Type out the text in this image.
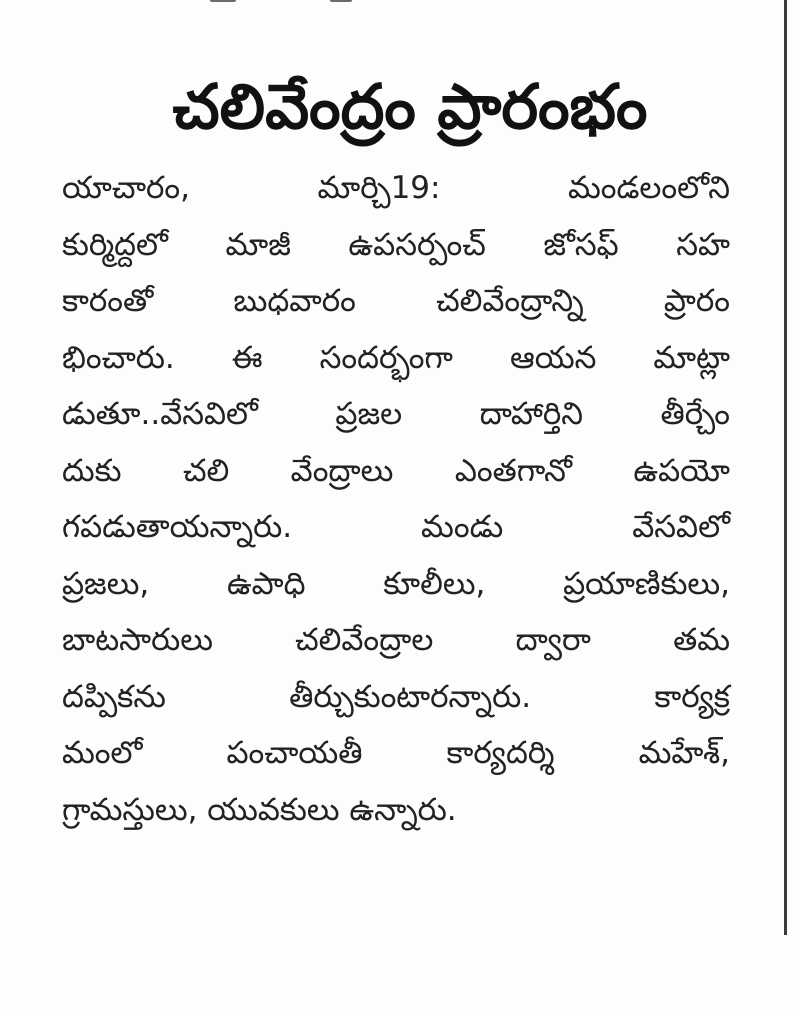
చలివేంద్రం ప్రారంభం
యాచారం, మార్చి19: మండలంలోని
కుర్మిద్దలో మాజీ ఉపసర్పంచ్ జోసఫ్ సహ
కారంతో బుధవారం చలివేంద్రాన్ని ప్రారం
భించారు. ఈ సందర్భంగా ఆయన మాట్లా
డుతూ..వేసవిలో ప్రజల దాహార్తిని తీర్చేం
దుకు చలి వేంద్రాలు ఎంతగానో ఉపయో
గపడుతాయన్నారు. మండు వేసవిలో
ప్రజలు, ఉపాధి కూలీలు, ప్రయాణికులు,
బాటసారులు చలివేంద్రాల ద్వారా తమ
దప్పికను తీర్చుకుంటారన్నారు. కార్యక్ర
మంలో పంచాయతీ కార్యదర్శి మహేశ్,
గ్రామస్తులు, యువకులు ఉన్నారు.
